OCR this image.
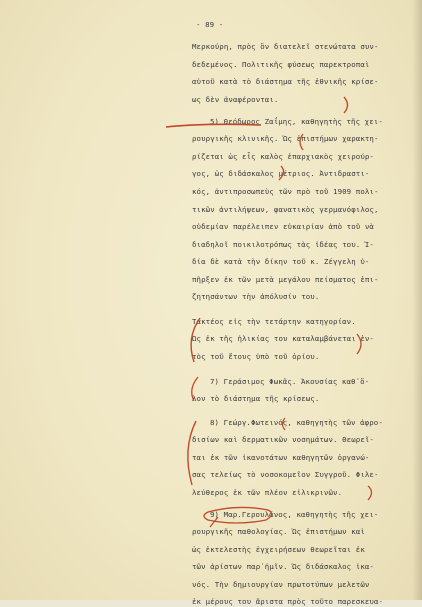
- 89 -
Μερκούρη, πρὸς ὃν διατελεῖ στενώτατα συν-
δεδεμένος. Πολιτικῆς φύσεως παρεκτροπαὶ
αὐτοῦ κατὰ τὸ διάστημα τῆς ἐθνικῆς κρίσε-
ως δὲν ἀναφέρονται.
5) Θεόδωρος Ζαΐμης, καθηγητὴς τῆς χει-
ρουργικῆς κλινικῆς. Ὡς ἐπιστήμων χαρακτη-
ρίζεται ὡς εἷς καλὸς ἐπαρχιακὸς χειρούρ-
γος, ὡς διδάσκαλος μέτριος. Ἀντιδραστι-
κός, ἀντιπροσωπεὺς τῶν πρὸ τοῦ 1909 πολι-
τικῶν ἀντιλήψεων, φανατικὸς γερμανόφιλος,
οὐδεμίαν παρέλειπεν εὐκαιρίαν ἀπὸ τοῦ νὰ
διαδηλοῖ ποικιλοτρόπως τὰς ἰδέας του. Ἰ-
δία δὲ κατὰ τὴν δίκην τοῦ κ. Ζέγγελη ὑ-
πῆρξεν ἐκ τῶν μετὰ μεγάλου πείσματος ἐπι-
ζητησάντων τὴν ἀπόλυσίν του.
Τακτέος εἰς τὴν τετάρτην κατηγορίαν.
Ὡς ἐκ τῆς ἡλικίας του καταλαμβάνεται ἐν-
τὸς τοῦ ἔτους ὑπὸ τοῦ ὁρίου.
7) Γεράσιμος Φωκᾶς. Ἀκουσίας καθ᾽ὅ-
λον τὸ διάστημα τῆς κρίσεως.
8) Γεώργ.Φωτεινός, καθηγητὴς τῶν ἀφρο-
δισίων καὶ δερματικῶν νοσημάτων. Θεωρεῖ-
ται ἐκ τῶν ἱκανοτάτων καθηγητῶν ὀργανώ-
σας τελείως τὸ νοσοκομεῖον Συγγροῦ. Φιλε-
λεύθερος ἐκ τῶν πλέον εἰλικρινῶν.
9) Μαρ.Γερουλάνος, καθηγητὴς τῆς χει-
ρουργικῆς παθολογίας. Ὡς ἐπιστήμων καὶ
ὡς ἐκτελεστὴς ἐγχειρήσεων θεωρεῖται ἐκ
τῶν ἀρίστων παρ᾽ἡμῖν. Ὡς διδάσκαλος ἱκα-
νός. Τὴν δημιουργίαν πρωτοτύπων μελετῶν
ἐκ μέρους του ἄριστα πρὸς τοῦτο παρεσκευα-
